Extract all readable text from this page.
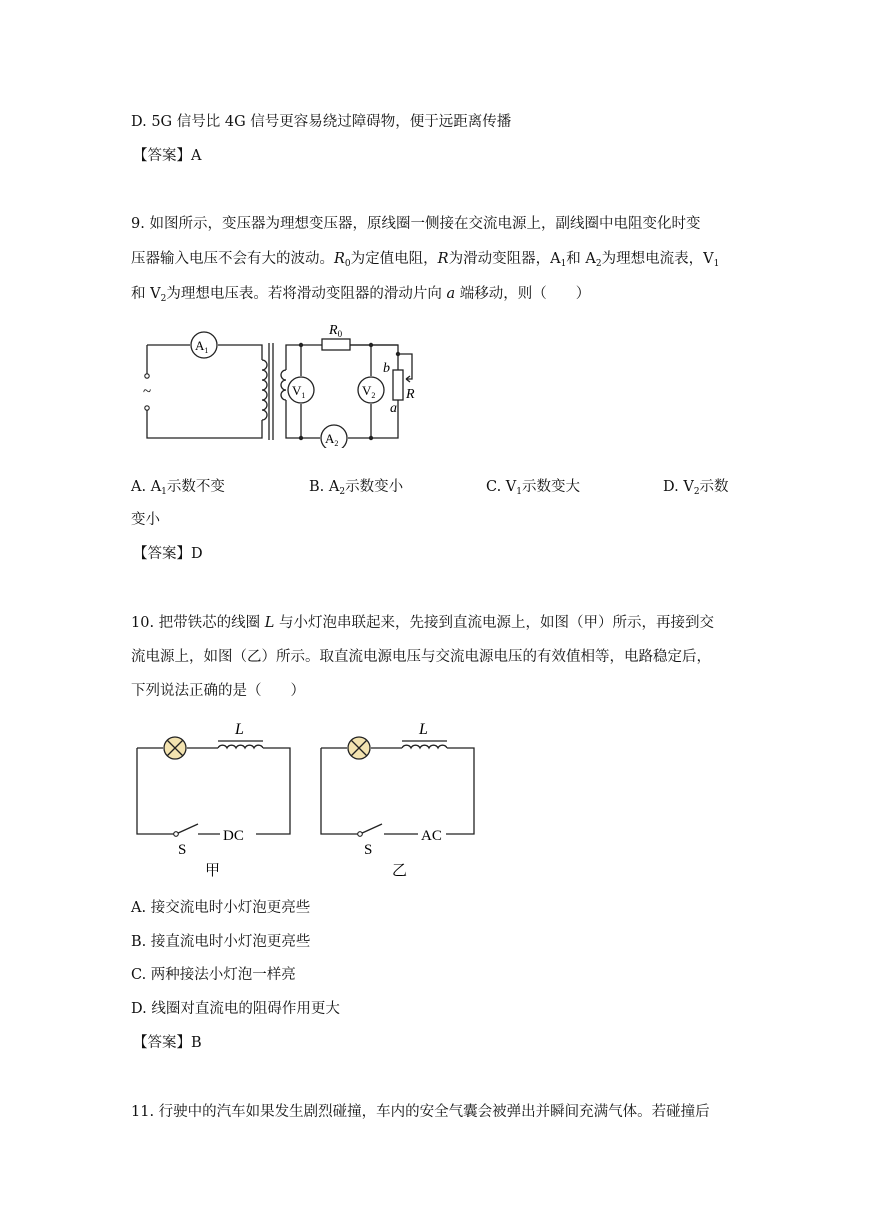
D. 5G 信号比 4G 信号更容易绕过障碍物，便于远距离传播
【答案】A
9. 如图所示，变压器为理想变压器，原线圈一侧接在交流电源上，副线圈中电阻变化时变
压器输入电压不会有大的波动。$R_0$为定值电阻，R为滑动变阻器，$A_1$和 $A_2$为理想电流表，$V_1$
和 $V_2$为理想电压表。若将滑动变阻器的滑动片向 a 端移动，则（　　）
~
$A_1$
$V_1$	$V_2$
$A_2$
$R_0$
b
a
R
A. $A_1$示数不变	B. $A_2$示数变小	C. $V_1$示数变大	D. $V_2$示数
变小
【答案】D
10. 把带铁芯的线圈 L 与小灯泡串联起来，先接到直流电源上，如图（甲）所示，再接到交
流电源上，如图（乙）所示。取直流电源电压与交流电源电压的有效值相等，电路稳定后，
下列说法正确的是（　　）
L
S
DC
甲
L
S
AC
乙
A. 接交流电时小灯泡更亮些
B. 接直流电时小灯泡更亮些
C. 两种接法小灯泡一样亮
D. 线圈对直流电的阻碍作用更大
【答案】B
11. 行驶中的汽车如果发生剧烈碰撞，车内的安全气囊会被弹出并瞬间充满气体。若碰撞后
